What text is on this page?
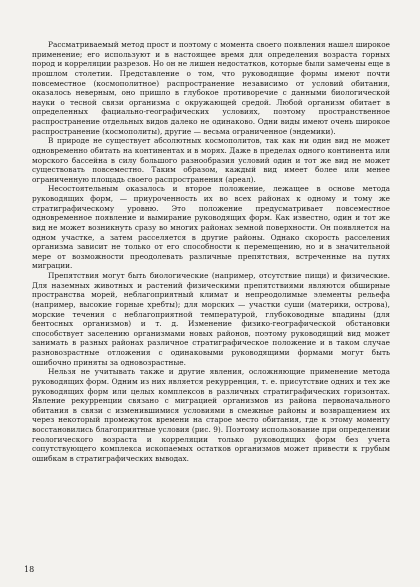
Рассматриваемый метод прост и поэтому с момента своего появления нашел широкое применение; его используют и в настоящее время для определения возраста горных пород и корреляции разрезов. Но он не лишен недостатков, которые были замечены еще в прошлом столетии. Представление о том, что руководящие формы имеют почти повсеместное (космополитное) распространение независимо от условий обитания, оказалось неверным, оно пришло в глубокое противоречие с данными биологической науки о тесной связи организма с окружающей средой. Любой организм обитает в определенных фациально-географических условиях, поэтому пространственное распространение отдельных видов далеко не одинаково. Одни виды имеют очень широкое распространение (космополиты), другие — весьма ограниченное (эндемики).

В природе не существует абсолютных космополитов, так как ни один вид не может одновременно обитать на континентах и в морях. Даже в пределах одного континента или морского бассейна в силу большого разнообразия условий один и тот же вид не может существовать повсеместно. Таким образом, каждый вид имеет более или менее ограниченную площадь своего распространения (ареал).

Несостоятельным оказалось и второе положение, лежащее в основе метода руководящих форм, — приуроченность их во всех районах к одному и тому же стратиграфическому уровню. Это положение предусматривает повсеместное одновременное появление и вымирание руководящих форм. Как известно, один и тот же вид не может возникнуть сразу во многих районах земной поверхности. Он появляется на одном участке, а затем расселяется в другие районы. Однако скорость расселения организма зависит не только от его способности к перемещению, но и в значительной мере от возможности преодолевать различные препятствия, встреченные на путях миграции.

Препятствия могут быть биологические (например, отсутствие пищи) и физические. Для наземных животных и растений физическими препятствиями являются обширные пространства морей, неблагоприятный климат и непреодолимые элементы рельефа (например, высокие горные хребты); для морских — участки суши (материки, острова), морские течения с неблагоприятной температурой, глубоководные впадины (для бентосных организмов) и т. д. Изменение физико-географической обстановки способствует заселению организмами новых районов, поэтому руководящий вид может занимать в разных районах различное стратиграфическое положение и в таком случае разновозрастные отложения с одинаковыми руководящими формами могут быть ошибочно приняты за одновозрастные.

Нельзя не учитывать также и другие явления, осложняющие применение метода руководящих форм. Одним из них является рекурренция, т. е. присутствие одних и тех же руководящих форм или целых комплексов в различных стратиграфических горизонтах. Явление рекурренции связано с миграцией организмов из района первоначального обитания в связи с изменившимися условиями в смежные районы и возвращением их через некоторый промежуток времени на старое место обитания, где к этому моменту восстановились благоприятные условия (рис. 9). Поэтому использование при определении геологического возраста и корреляции только руководящих форм без учета сопутствующего комплекса ископаемых остатков организмов может привести к грубым ошибкам в стратиграфических выводах.

18
